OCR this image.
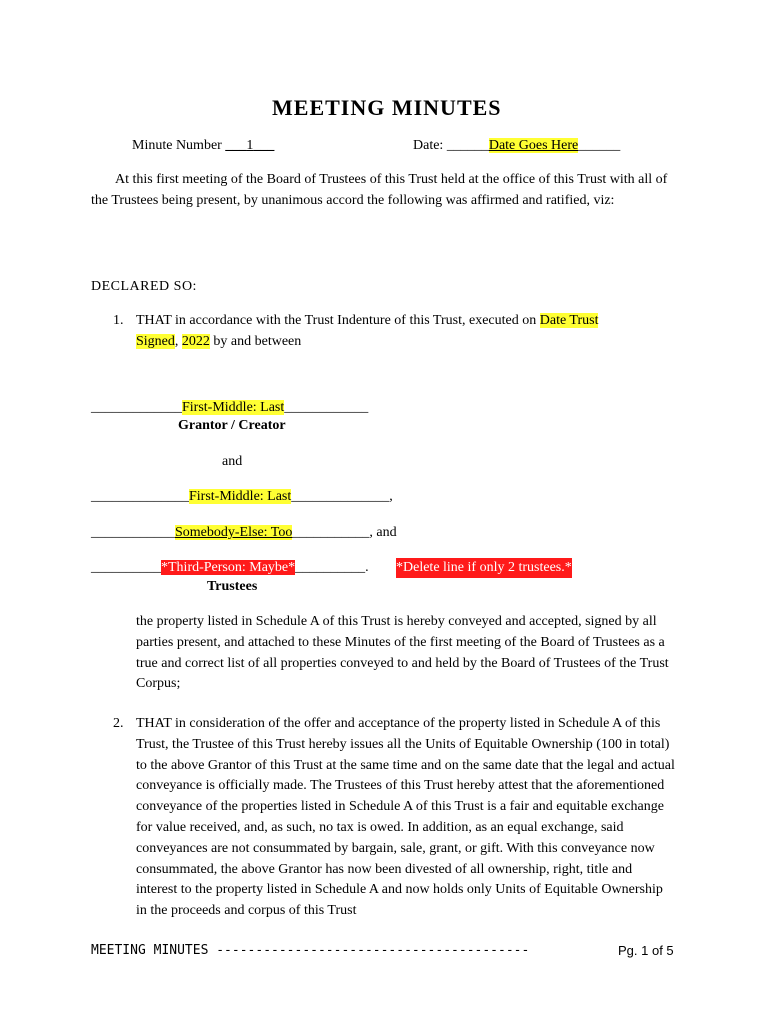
MEETING MINUTES
Minute Number ___1___	Date: ______Date Goes Here______
At this first meeting of the Board of Trustees of this Trust held at the office of this Trust with all of the Trustees being present, by unanimous accord the following was affirmed and ratified, viz:
DECLARED SO:
1. THAT in accordance with the Trust Indenture of this Trust, executed on Date Trust
Signed, 2022 by and between
_____________First-Middle: Last____________
Grantor / Creator
and
______________First-Middle: Last______________,
____________Somebody-Else: Too___________, and
__________*Third-Person: Maybe*__________. *Delete line if only 2 trustees.*
Trustees
the property listed in Schedule A of this Trust is hereby conveyed and accepted, signed by all parties present, and attached to these Minutes of the first meeting of the Board of Trustees as a true and correct list of all properties conveyed to and held by the Board of Trustees of the Trust Corpus;
2. THAT in consideration of the offer and acceptance of the property listed in Schedule A of this Trust, the Trustee of this Trust hereby issues all the Units of Equitable Ownership (100 in total) to the above Grantor of this Trust at the same time and on the same date that the legal and actual conveyance is officially made. The Trustees of this Trust hereby attest that the aforementioned conveyance of the properties listed in Schedule A of this Trust is a fair and equitable exchange for value received, and, as such, no tax is owed. In addition, as an equal exchange, said conveyances are not consummated by bargain, sale, grant, or gift. With this conveyance now consummated, the above Grantor has now been divested of all ownership, right, title and interest to the property listed in Schedule A and now holds only Units of Equitable Ownership in the proceeds and corpus of this Trust
MEETING MINUTES ----------------------------------------	Pg. 1 of 5
